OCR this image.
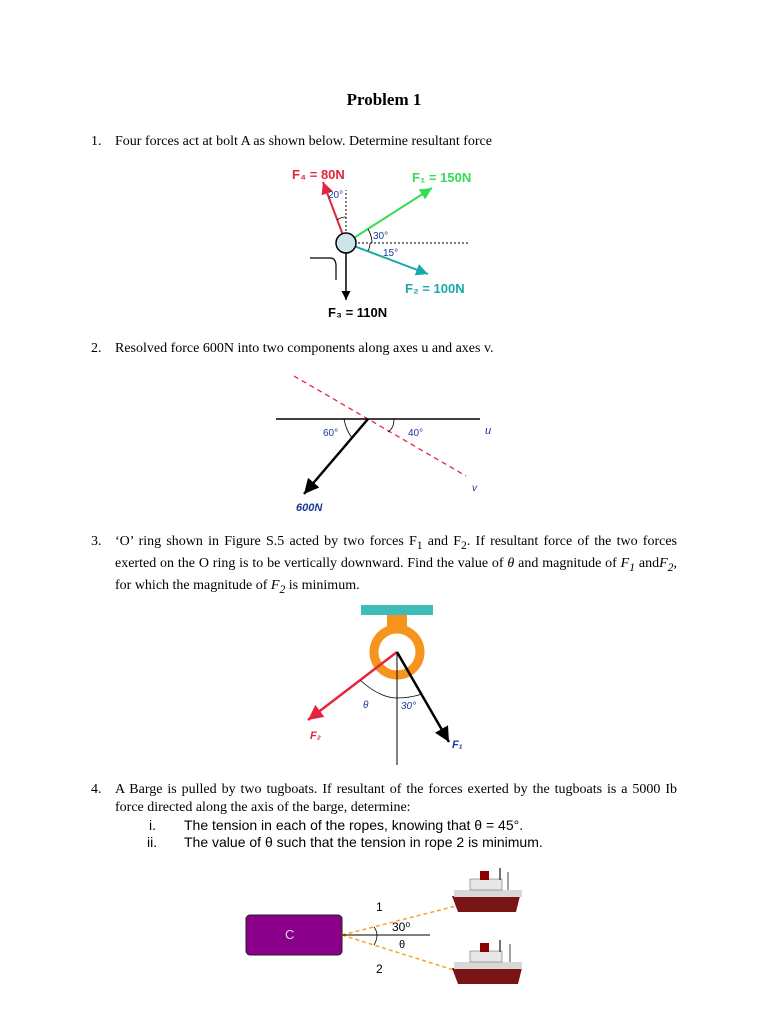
Problem 1
1. Four forces act at bolt A as shown below. Determine resultant force
2. Resolved force 600N into two components along axes u and axes v.
3. ‘O’ ring shown in Figure S.5 acted by two forces $F_1$ and $F_2$. If resultant force of the two forces exerted on the O ring is to be vertically downward. Find the value of θ and magnitude of $F_1$ andF$_2$, for which the magnitude of $F_2$ is minimum.
4. A Barge is pulled by two tugboats. If resultant of the forces exerted by the tugboats is a 5000 Ib force directed along the axis of the barge, determine:
i. The tension in each of the ropes, knowing that θ = 45°.
ii. The value of θ such that the tension in rope 2 is minimum.
F₄ = 80N	F₁ = 150N
F₂ = 100N
F₃ = 110N
20°
30°
15°
60°	40°	u
v
600N
θ	30°
F₂
F₁
C
1
2
30⁰
θ
